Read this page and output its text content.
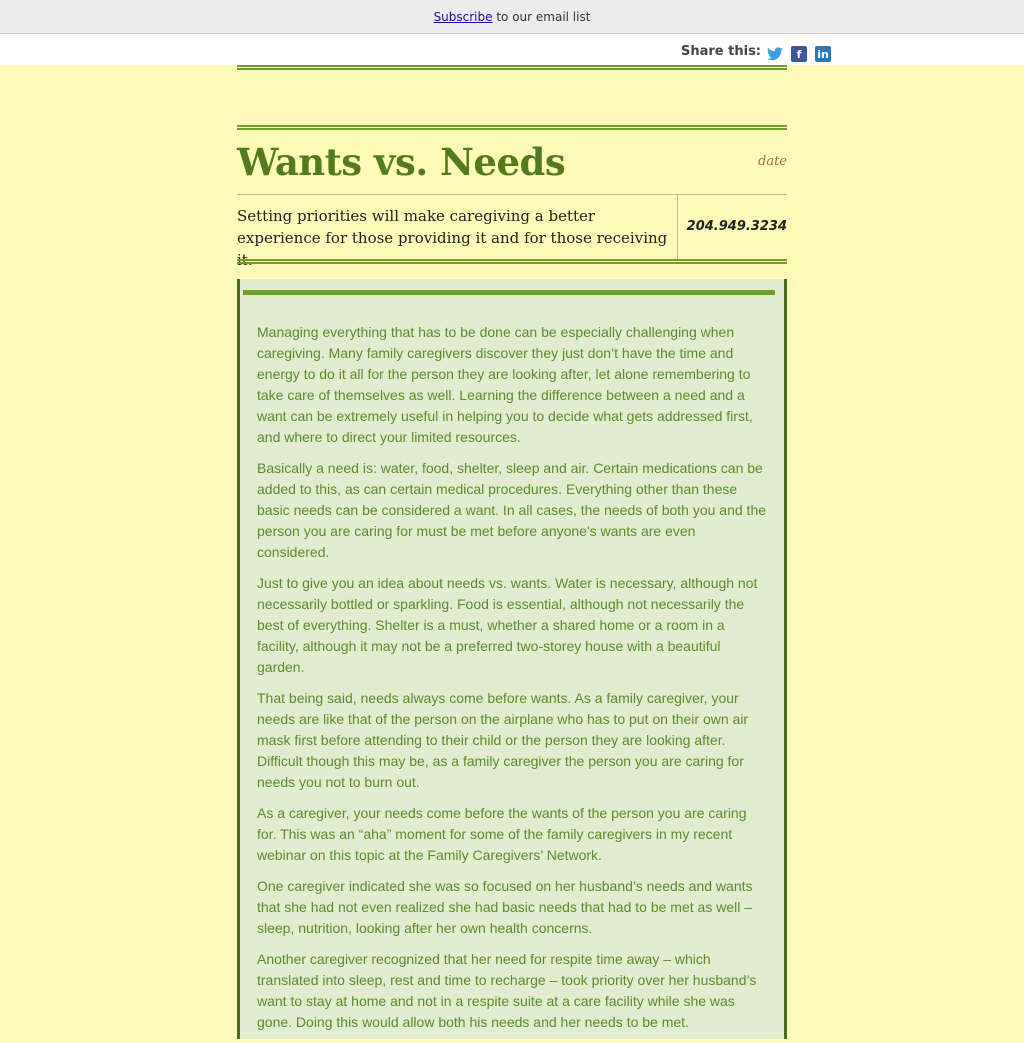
Subscribe to our email list
Share this:	f	in
Wants vs. Needs	date

Setting priorities will make caregiving a better experience for those providing it and for those receiving it.

204.949.3234

Managing everything that has to be done can be especially challenging when caregiving. Many family caregivers discover they just don’t have the time and energy to do it all for the person they are looking after, let alone remembering to take care of themselves as well. Learning the difference between a need and a want can be extremely useful in helping you to decide what gets addressed first, and where to direct your limited resources.

Basically a need is: water, food, shelter, sleep and air. Certain medications can be added to this, as can certain medical procedures. Everything other than these basic needs can be considered a want. In all cases, the needs of both you and the person you are caring for must be met before anyone's wants are even considered.

Just to give you an idea about needs vs. wants. Water is necessary, although not necessarily bottled or sparkling. Food is essential, although not necessarily the best of everything. Shelter is a must, whether a shared home or a room in a facility, although it may not be a preferred two-storey house with a beautiful garden.

That being said, needs always come before wants. As a family caregiver, your needs are like that of the person on the airplane who has to put on their own air mask first before attending to their child or the person they are looking after. Difficult though this may be, as a family caregiver the person you are caring for needs you not to burn out.

As a caregiver, your needs come before the wants of the person you are caring for. This was an “aha” moment for some of the family caregivers in my recent webinar on this topic at the Family Caregivers’ Network.

One caregiver indicated she was so focused on her husband’s needs and wants that she had not even realized she had basic needs that had to be met as well – sleep, nutrition, looking after her own health concerns.

Another caregiver recognized that her need for respite time away – which translated into sleep, rest and time to recharge – took priority over her husband’s want to stay at home and not in a respite suite at a care facility while she was gone. Doing this would allow both his needs and her needs to be met.
